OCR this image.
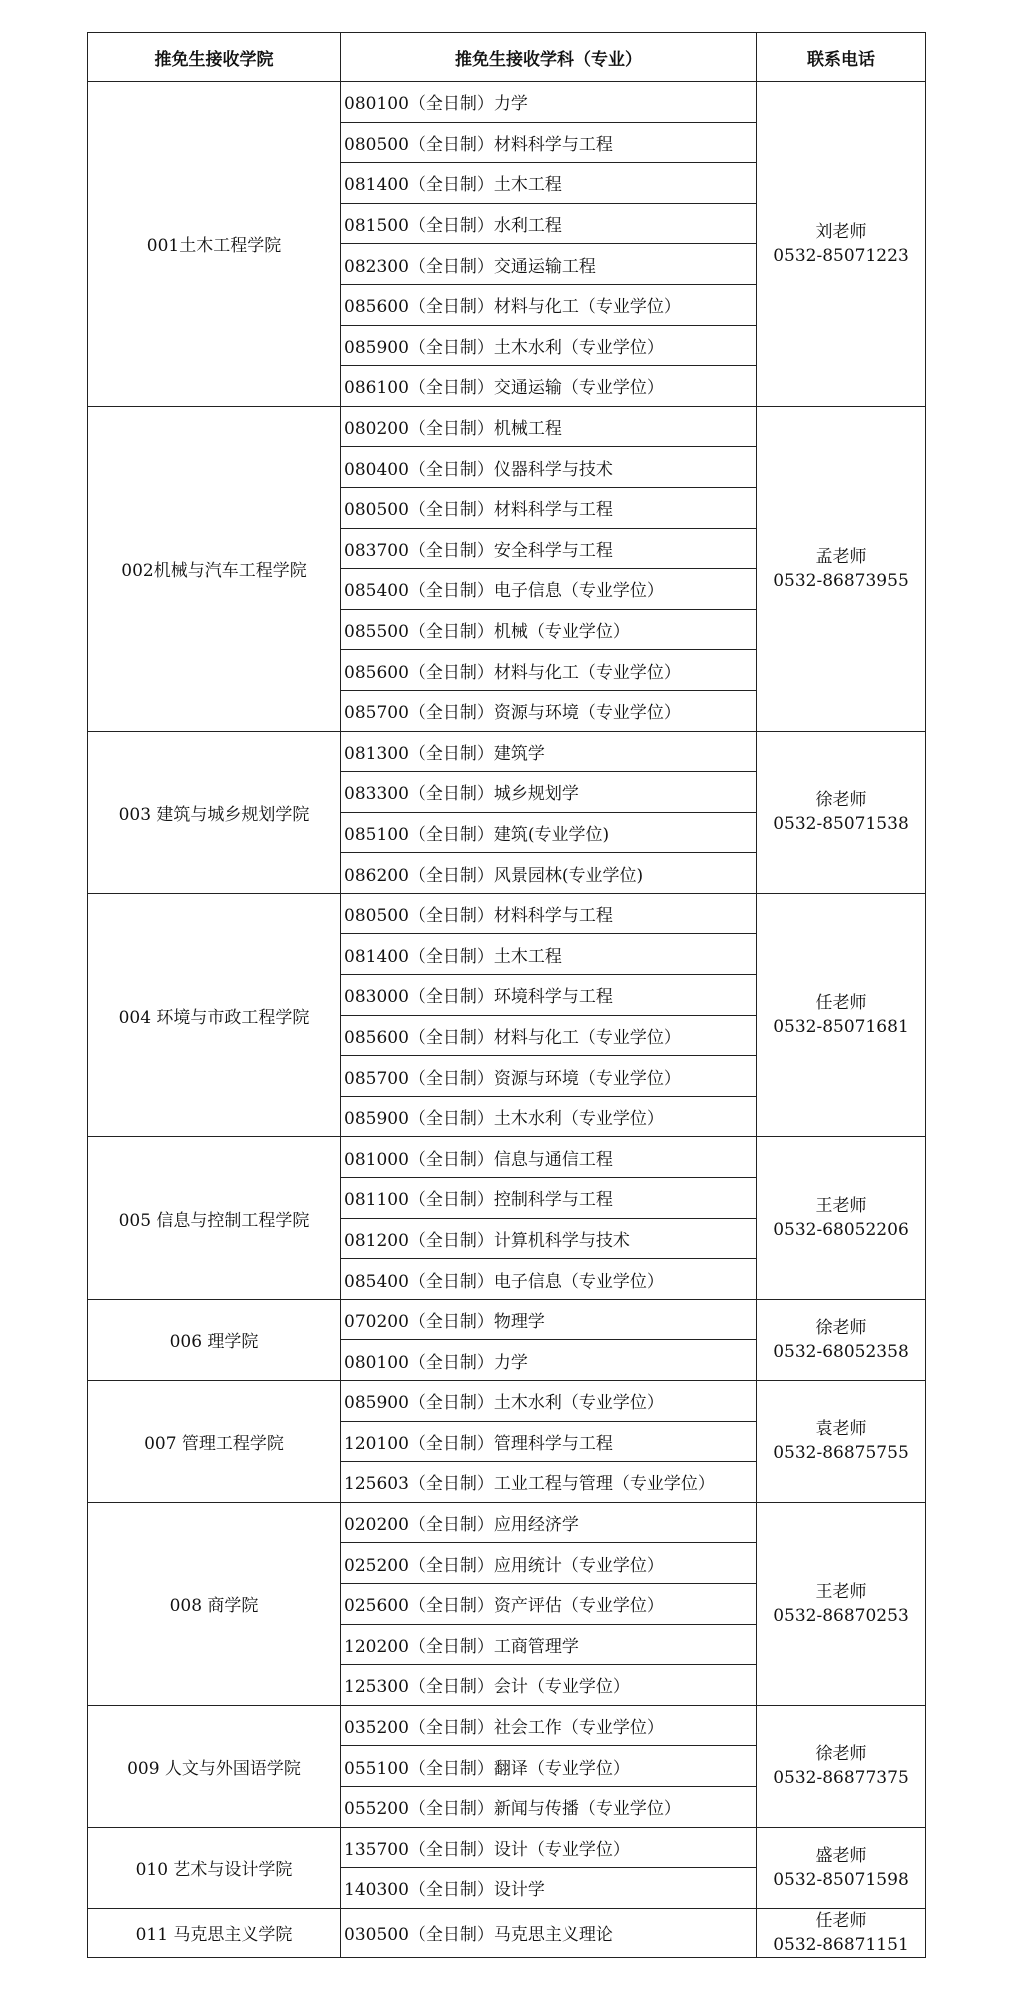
推免生接收学院	推免生接收学科（专业）	联系电话
001土木工程学院	080100（全日制）力学	刘老师
0532-85071223

	080500（全日制）材料科学与工程	
	081400（全日制）土木工程	
	081500（全日制）水利工程	
	082300（全日制）交通运输工程	
	085600（全日制）材料与化工（专业学位）	
	085900（全日制）土木水利（专业学位）	
	086100（全日制）交通运输（专业学位）	
002机械与汽车工程学院	080200（全日制）机械工程	孟老师
0532-86873955

	080400（全日制）仪器科学与技术	
	080500（全日制）材料科学与工程	
	083700（全日制）安全科学与工程	
	085400（全日制）电子信息（专业学位）	
	085500（全日制）机械（专业学位）	
	085600（全日制）材料与化工（专业学位）	
	085700（全日制）资源与环境（专业学位）	
003 建筑与城乡规划学院	081300（全日制）建筑学	徐老师
0532-85071538

	083300（全日制）城乡规划学	
	085100（全日制）建筑(专业学位)	
	086200（全日制）风景园林(专业学位)	
004 环境与市政工程学院	080500（全日制）材料科学与工程	任老师
0532-85071681

	081400（全日制）土木工程	
	083000（全日制）环境科学与工程	
	085600（全日制）材料与化工（专业学位）	
	085700（全日制）资源与环境（专业学位）	
	085900（全日制）土木水利（专业学位）	
005 信息与控制工程学院	081000（全日制）信息与通信工程	王老师
0532-68052206

	081100（全日制）控制科学与工程	
	081200（全日制）计算机科学与技术	
	085400（全日制）电子信息（专业学位）	
006 理学院	070200（全日制）物理学	徐老师
0532-68052358

	080100（全日制）力学	
007 管理工程学院	085900（全日制）土木水利（专业学位）	袁老师
0532-86875755

	120100（全日制）管理科学与工程	
	125603（全日制）工业工程与管理（专业学位）	
008 商学院	020200（全日制）应用经济学	王老师
0532-86870253

	025200（全日制）应用统计（专业学位）	
	025600（全日制）资产评估（专业学位）	
	120200（全日制）工商管理学	
	125300（全日制）会计（专业学位）	
009 人文与外国语学院	035200（全日制）社会工作（专业学位）	徐老师
0532-86877375

	055100（全日制）翻译（专业学位）	
	055200（全日制）新闻与传播（专业学位）	
010 艺术与设计学院	135700（全日制）设计（专业学位）	盛老师
0532-85071598

	140300（全日制）设计学	
011 马克思主义学院	030500（全日制）马克思主义理论	任老师
0532-86871151
